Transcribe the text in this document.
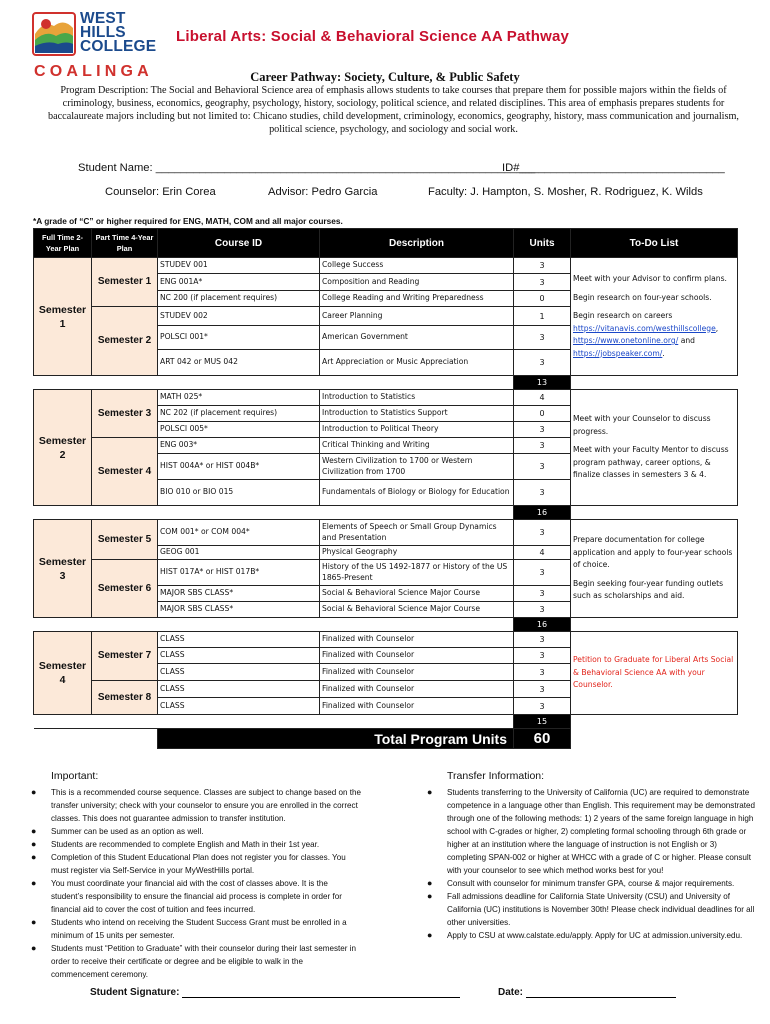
WEST
HILLS
COLLEGE
COALINGA
Liberal Arts: Social & Behavioral Science AA Pathway
Career Pathway: Society, Culture, & Public Safety
Program Description: The Social and Behavioral Science area of emphasis allows students to take courses that prepare them for possible majors within the fields of criminology, business, economics, geography, psychology, history, sociology, political science, and related disciplines. This area of emphasis prepares students for baccalaureate majors including but not limited to: Chicano studies, child development, criminology, economics, geography, history, mass communication and journalism, political science, psychology, and sociology and social work.
Student Name: _____________________________________________________________
ID#_________________________________
Counselor: Erin Corea	Advisor: Pedro Garcia	Faculty: J. Hampton, S. Mosher, R. Rodriguez, K. Wilds
*A grade of “C” or higher required for ENG, MATH, COM and all major courses.
Full Time 2-Year Plan	Part Time 4-Year Plan	Course ID	Description	Units	To-Do List
Semester 1	Semester 1	STUDEV 001	College Success	3	Meet with your Advisor to confirm plans.

Begin research on four-year schools.

Begin research on careers https://vitanavis.com/westhillscollege, https://www.onetonline.org/ and https://jobspeaker.com/.

		ENG 001A*	Composition and Reading	3	
		NC 200 (if placement requires)	College Reading and Writing Preparedness	0	
	Semester 2	STUDEV 002	Career Planning	1	
		POLSCI 001*	American Government	3	
		ART 042 or MUS 042	Art Appreciation or Music Appreciation	3	
				13	
Semester 2	Semester 3	MATH 025*	Introduction to Statistics	4	Meet with your Counselor to discuss progress.

Meet with your Faculty Mentor to discuss program pathway, career options, & finalize classes in semesters 3 & 4.

		NC 202 (if placement requires)	Introduction to Statistics Support	0	
		POLSCI 005*	Introduction to Political Theory	3	
	Semester 4	ENG 003*	Critical Thinking and Writing	3	
		HIST 004A* or HIST 004B*	Western Civilization to 1700 or Western Civilization from 1700	3	
		BIO 010 or BIO 015	Fundamentals of Biology or Biology for Education	3	
				16	
Semester 3	Semester 5	COM 001* or COM 004*	Elements of Speech or Small Group Dynamics and Presentation	3	Prepare documentation for college application and apply to four-year schools of choice.

Begin seeking four-year funding outlets such as scholarships and aid.

		GEOG 001	Physical Geography	4	
	Semester 6	HIST 017A* or HIST 017B*	History of the US 1492-1877 or History of the US 1865-Present	3	
		MAJOR SBS CLASS*	Social & Behavioral Science Major Course	3	
		MAJOR SBS CLASS*	Social & Behavioral Science Major Course	3	
				16	
Semester 4	Semester 7	CLASS	Finalized with Counselor	3	Petition to Graduate for Liberal Arts Social & Behavioral Science AA with your Counselor.

		CLASS	Finalized with Counselor	3	
		CLASS	Finalized with Counselor	3	
	Semester 8	CLASS	Finalized with Counselor	3	
		CLASS	Finalized with Counselor	3	
				15	
		Total Program Units		60	
Important:
● This is a recommended course sequence. Classes are subject to change based on the transfer university; check with your counselor to ensure you are enrolled in the correct classes. This does not guarantee admission to transfer institution.
● Summer can be used as an option as well.
● Students are recommended to complete English and Math in their 1st year.
● Completion of this Student Educational Plan does not register you for classes. You must register via Self-Service in your MyWestHills portal.
● You must coordinate your financial aid with the cost of classes above. It is the student’s responsibility to ensure the financial aid process is complete in order for financial aid to cover the cost of tuition and fees incurred.
● Students who intend on receiving the Student Success Grant must be enrolled in a minimum of 15 units per semester.
● Students must “Petition to Graduate” with their counselor during their last semester in order to receive their certificate or degree and be eligible to walk in the commencement ceremony.
Transfer Information:
● Students transferring to the University of California (UC) are required to demonstrate competence in a language other than English. This requirement may be demonstrated through one of the following methods: 1) 2 years of the same foreign language in high school with C-grades or higher, 2) completing formal schooling through 6th grade or higher at an institution where the language of instruction is not English or 3) completing SPAN-002 or higher at WHCC with a grade of C or higher. Please consult with your counselor to see which method works best for you!
● Consult with counselor for minimum transfer GPA, course & major requirements.
● Fall admissions deadline for California State University (CSU) and University of California (UC) institutions is November 30th! Please check individual deadlines for all other universities.
● Apply to CSU at www.calstate.edu/apply. Apply for UC at admission.university.edu.
Student Signature:	Date:
